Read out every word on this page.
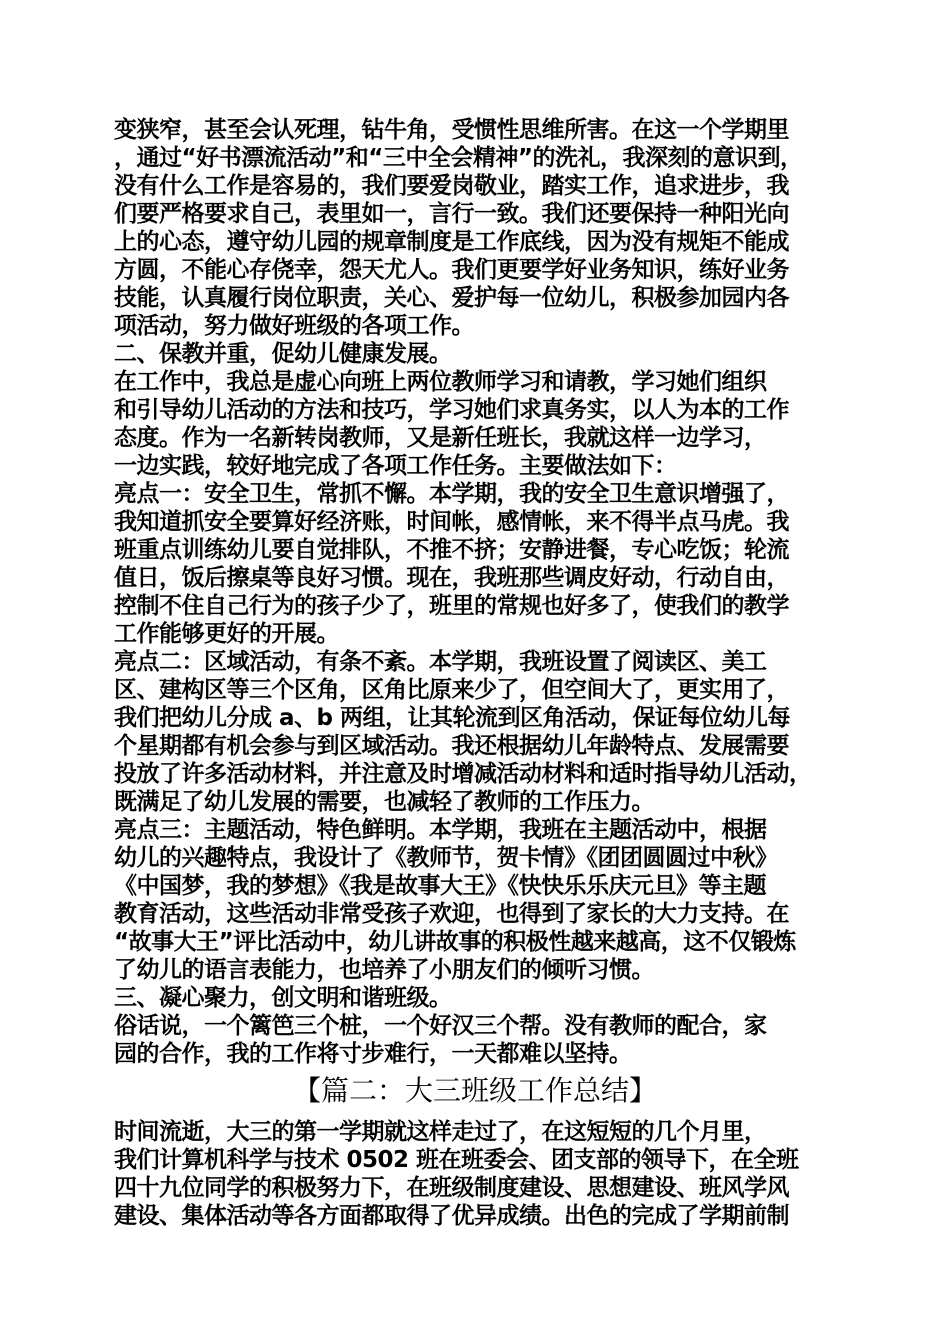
变狭窄，甚至会认死理，钻牛角，受惯性思维所害。在这一个学期里
，通过“好书漂流活动”和“三中全会精神”的洗礼，我深刻的意识到，
没有什么工作是容易的，我们要爱岗敬业，踏实工作，追求进步，我
们要严格要求自己，表里如一，言行一致。我们还要保持一种阳光向
上的心态，遵守幼儿园的规章制度是工作底线，因为没有规矩不能成
方圆，不能心存侥幸，怨天尤人。我们更要学好业务知识，练好业务
技能，认真履行岗位职责，关心、爱护每一位幼儿，积极参加园内各
项活动，努力做好班级的各项工作。
二、保教并重，促幼儿健康发展。
在工作中，我总是虚心向班上两位教师学习和请教，学习她们组织
和引导幼儿活动的方法和技巧，学习她们求真务实，以人为本的工作
态度。作为一名新转岗教师，又是新任班长，我就这样一边学习，
一边实践，较好地完成了各项工作任务。主要做法如下：
亮点一：安全卫生，常抓不懈。本学期，我的安全卫生意识增强了，
我知道抓安全要算好经济账，时间帐，感情帐，来不得半点马虎。我
班重点训练幼儿要自觉排队，不推不挤；安静进餐，专心吃饭；轮流
值日，饭后擦桌等良好习惯。现在，我班那些调皮好动，行动自由，
控制不住自己行为的孩子少了，班里的常规也好多了，使我们的教学
工作能够更好的开展。
亮点二：区域活动，有条不紊。本学期，我班设置了阅读区、美工
区、建构区等三个区角，区角比原来少了，但空间大了，更实用了，
我们把幼儿分成 a、b 两组，让其轮流到区角活动，保证每位幼儿每
个星期都有机会参与到区域活动。我还根据幼儿年龄特点、发展需要
投放了许多活动材料，并注意及时增减活动材料和适时指导幼儿活动，
既满足了幼儿发展的需要，也减轻了教师的工作压力。
亮点三：主题活动，特色鲜明。本学期，我班在主题活动中，根据
幼儿的兴趣特点，我设计了《教师节，贺卡情》《团团圆圆过中秋》
《中国梦，我的梦想》《我是故事大王》《快快乐乐庆元旦》等主题
教育活动，这些活动非常受孩子欢迎，也得到了家长的大力支持。在
“故事大王”评比活动中，幼儿讲故事的积极性越来越高，这不仅锻炼
了幼儿的语言表能力，也培养了小朋友们的倾听习惯。
三、凝心聚力，创文明和谐班级。
俗话说，一个篱笆三个桩，一个好汉三个帮。没有教师的配合，家
园的合作，我的工作将寸步难行，一天都难以坚持。
【篇二：大三班级工作总结】
时间流逝，大三的第一学期就这样走过了，在这短短的几个月里，
我们计算机科学与技术 0502 班在班委会、团支部的领导下，在全班
四十九位同学的积极努力下，在班级制度建设、思想建设、班风学风
建设、集体活动等各方面都取得了优异成绩。出色的完成了学期前制
